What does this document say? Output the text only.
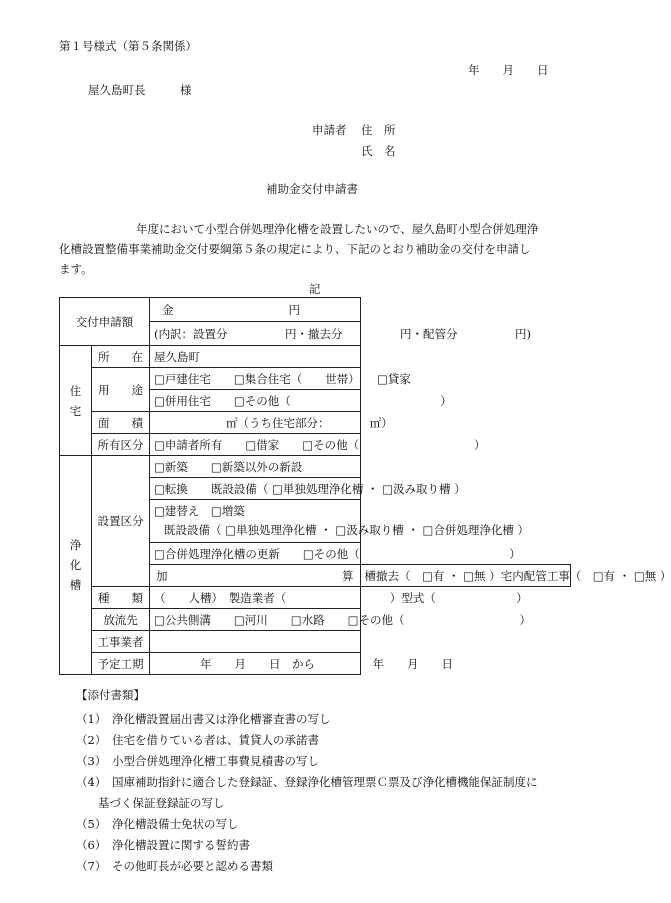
第１号様式（第５条関係）
年　　月　　日
屋久島町長　　　様
申請者 住　所
氏　名
補助金交付申請書
年度において小型合併処理浄化槽を設置したいので、屋久島町小型合併処理浄
化槽設置整備事業補助金交付要綱第５条の規定により、下記のとおり補助金の交付を申請し
ます。
記
交付申請額		金　　　　　　　　　　円	
		(内訳：設置分　　　　　円・撤去分　　　　　円・配管分　　　　　円)	

住
宅	所　在	屋久島町	
	用　途	□戸建住宅　　□集合住宅（　　世帯）　　□貸家	
		□併用住宅　　□その他（　　　　　　　　　　　　　）	
	面　積	㎡（うち住宅部分：　　　　㎡）	
	所有区分	□申請者所有　　□借家　　□その他（　　　　　　　　　　）	

浄
化
槽	設置区分	□新築　　□新築以外の新設	
		□転換　　既設設備（ □単独処理浄化槽 ・ □汲み取り槽 ）	

		□建替え　□増築
既設設備（ □単独処理浄化槽 ・ □汲み取り槽 ・ □合併処理浄化槽 ）	

		□合併処理浄化槽の更新　　□その他（　　　　　　　　　　　　　）	
		加　算	槽撤去（　□有 ・ □無 ）宅内配管工事（　□有 ・ □無 ）
	種　類	（　　人槽）　製造業者（　　　　　　　　　）型式（　　　　　　　）	
	放流先	□公共側溝　　□河川　　□水路　　□その他（　　　　　　　　　　）	
	工事業者		
	予定工期	年　　月　　日　から　　　　　年　　月　　日	
【添付書類】
（1） 浄化槽設置届出書又は浄化槽審査書の写し
（2） 住宅を借りている者は、賃貸人の承諾書
（3） 小型合併処理浄化槽工事費見積書の写し
（4） 国庫補助指針に適合した登録証、登録浄化槽管理票Ｃ票及び浄化槽機能保証制度に
基づく保証登録証の写し
（5） 浄化槽設備士免状の写し
（6） 浄化槽設置に関する誓約書
（7） その他町長が必要と認める書類
